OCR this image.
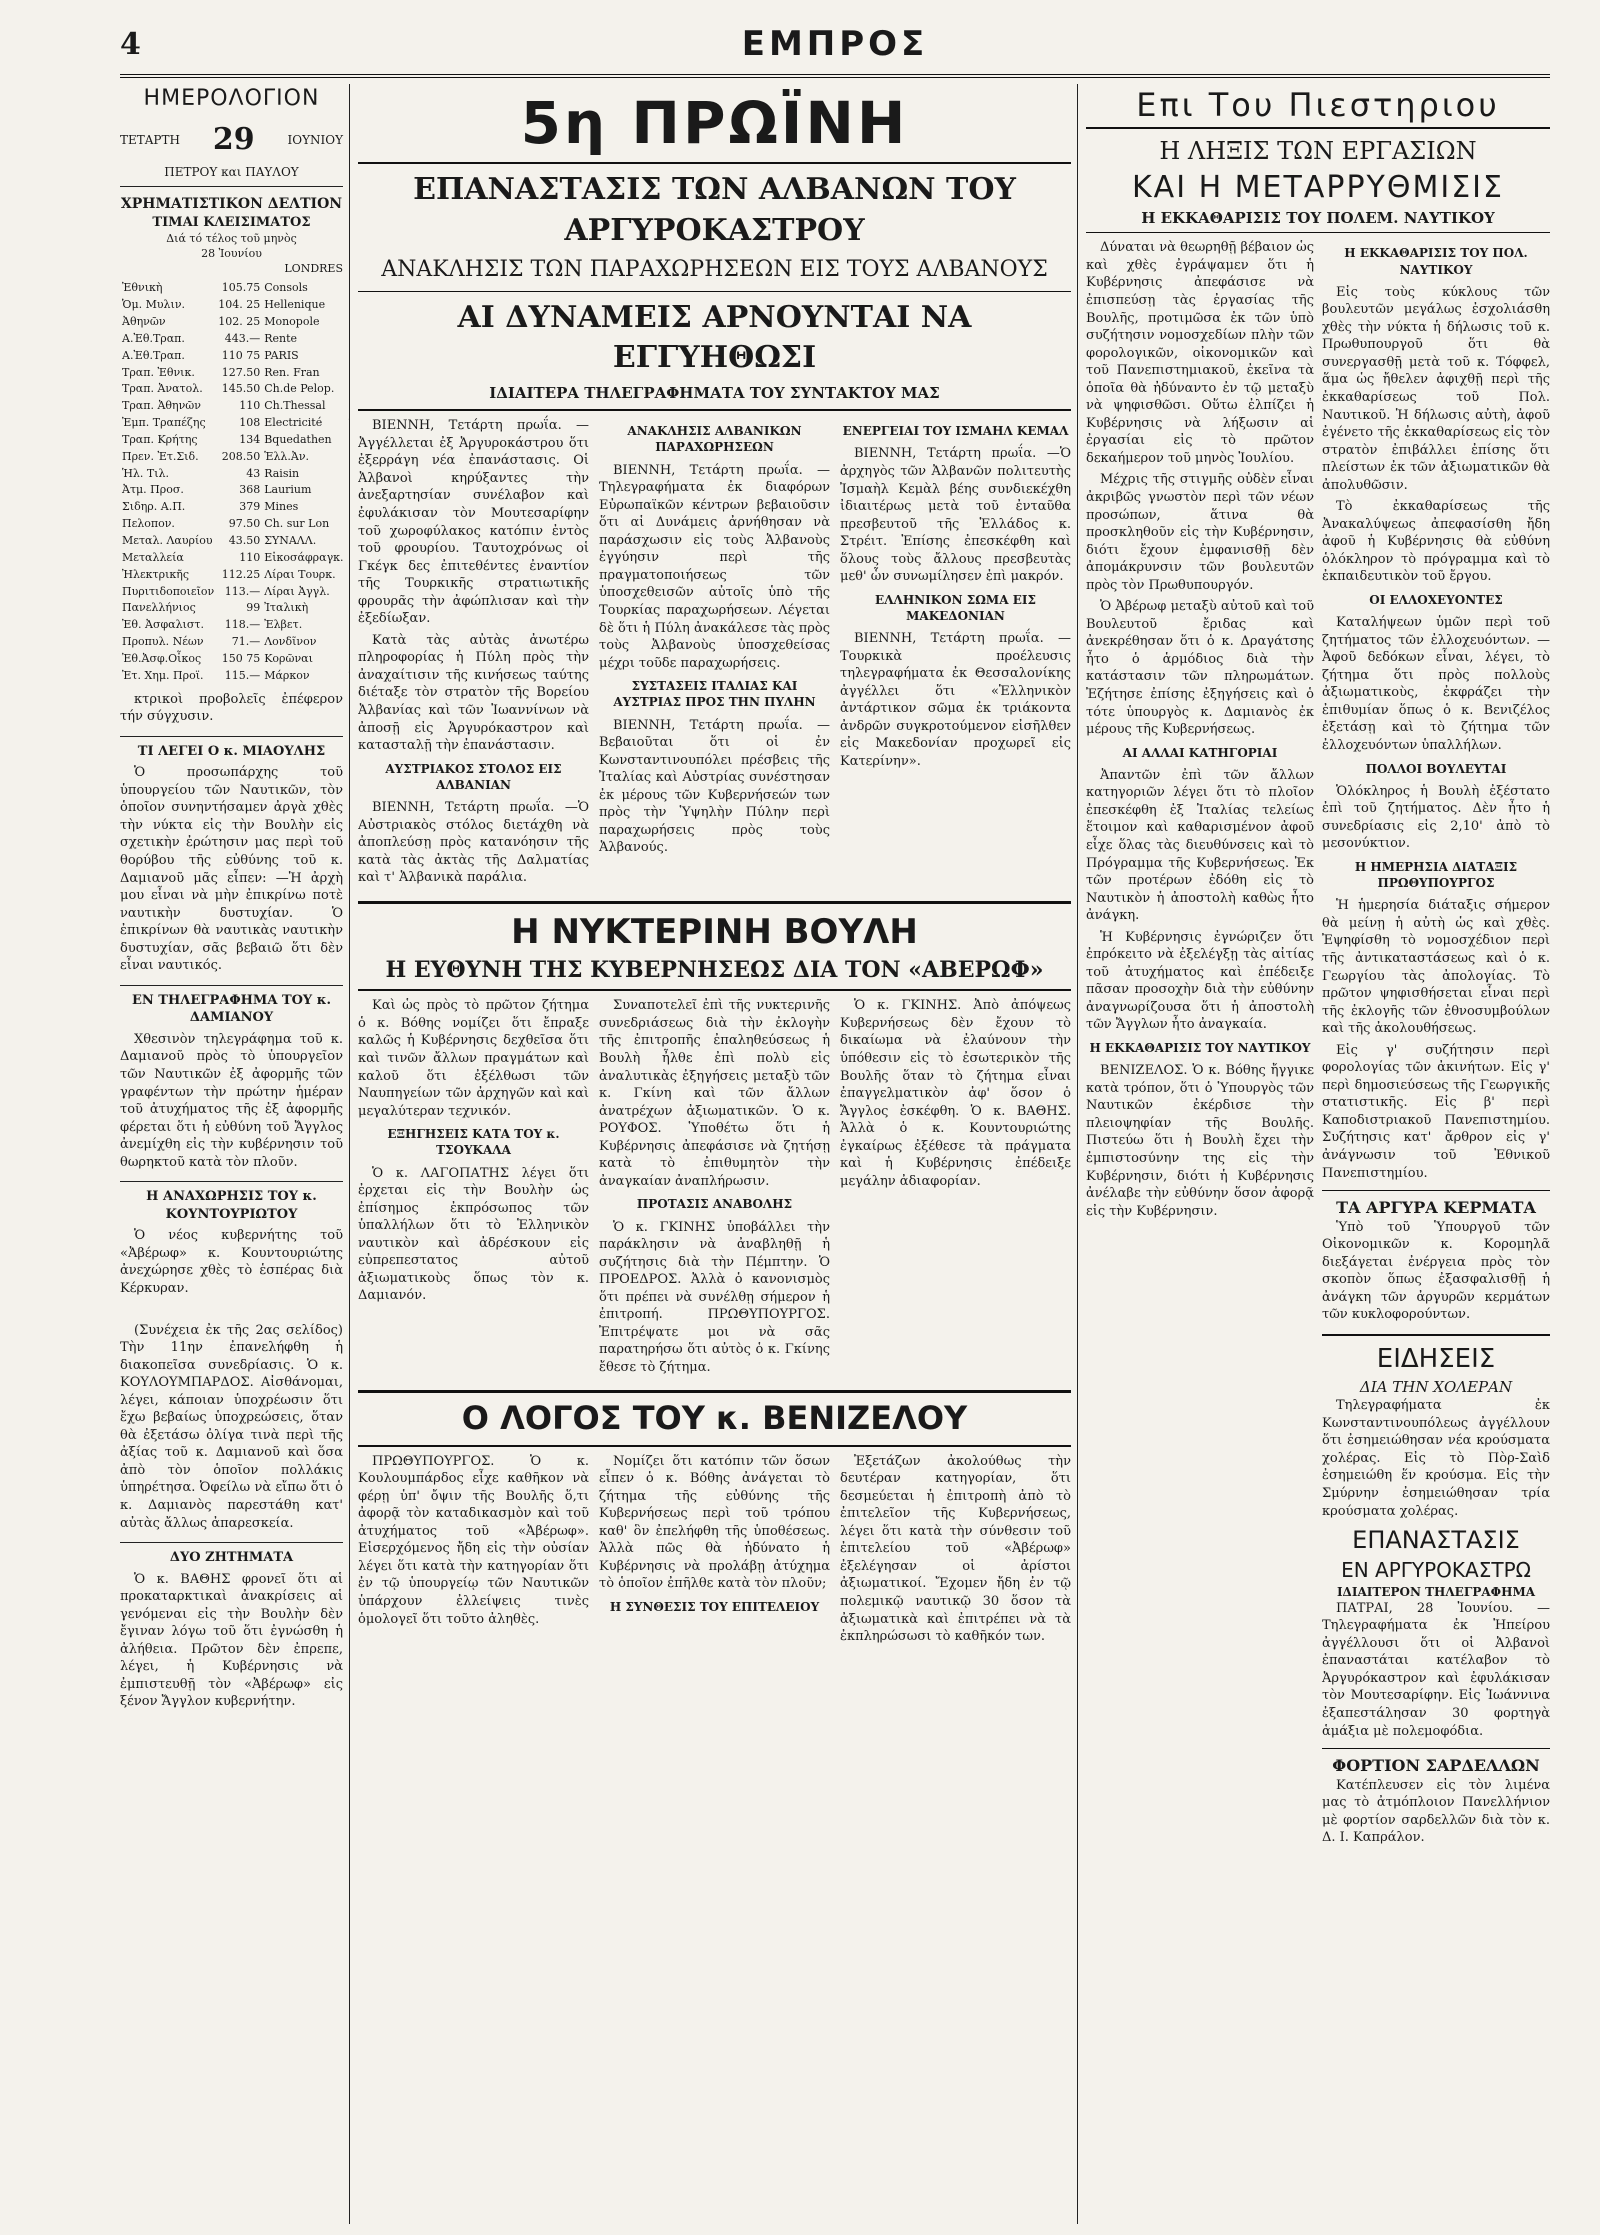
4	ΕΜΠΡΟΣ
ΗΜΕΡΟΛΟΓΙΟΝ
ΤΕΤΑΡΤΗ 29	ΙΟΥΝΙΟΥ
ΠΕΤΡΟΥ και ΠΑΥΛΟΥ
ΧΡΗΜΑΤΙΣΤΙΚΟΝ ΔΕΛΤΙΟΝ
ΤΙΜΑΙ ΚΛΕΙΣΙΜΑΤΟΣ
Διά τό τέλος τοῦ μηνὸς
28 Ἰουνίου
LONDRES
Ἐθνικὴ	105.75	Consols	
Ὁμ. Μυλιν.	104. 25	Hellenique	
Ἀθηνῶν	102. 25	Monopole	
Α.Ἐθ.Τραπ.	443.—	Rente	
Α.Ἐθ.Τραπ.	110 75	PARIS	
Τραπ. Ἐθνικ.	127.50	Ren. Fran	
Τραπ. Ἀνατολ.	145.50	Ch.de Pelop.	
Τραπ. Ἀθηνῶν	110	Ch.Thessal	
Ἐμπ. Τραπέζης	108	Electricité	
Τραπ. Κρήτης	134	Bquedathen	
Πρεν. Ἐτ.Σιδ.	208.50	Ἑλλ.Ἀν.	
Ἡλ. Τιλ.	43	Raisin	
Ἀτμ. Προσ.	368	Laurium	
Σιδηρ. Α.Π.	379	Mines	
Πελοπον.	97.50	Ch. sur Lon	
Μεταλ. Λαυρίου	43.50	ΣΥΝΑΛΛ.	
Μεταλλεία	110	Εἰκοσάφραγκ.	
Ἠλεκτρικῆς	112.25	Λίραι Τουρκ.	
Πυριτιδοποιεῖον	113.—	Λίραι Ἀγγλ.	
Πανελλήνιος	99	Ἰταλικὴ	
Ἐθ. Ἀσφαλιστ.	118.—	Ἐλβετ.	
Προπυλ. Νέων	71.—	Λονδῖνον	
Ἐθ.Ἀσφ.Οἶκος	150 75	Κορῶναι	
Ἐτ. Χημ. Προϊ.	115.—	Μάρκον	

κτρικοὶ προβολεῖς ἐπέφερον τήν σύγχυσιν.

ΤΙ ΛΕΓΕΙ Ο κ. ΜΙΑΟΥΛΗΣ

Ὁ προσωπάρχης τοῦ ὑπουργείου τῶν Ναυτικῶν, τὸν ὁποῖον συνηντήσαμεν ἀργὰ χθὲς τὴν νύκτα εἰς τὴν Βουλὴν εἰς σχετικὴν ἐρώτησιν μας περὶ τοῦ θορύβου τῆς εὐθύνης τοῦ κ. Δαμιανοῦ μᾶς εἶπεν: —Ἡ ἀρχὴ μου εἶναι νὰ μὴν ἐπικρίνω ποτὲ ναυτικὴν δυστυχίαν. Ὁ ἐπικρίνων θὰ ναυτικὰς ναυτικὴν δυστυχίαν, σᾶς βεβαιῶ ὅτι δὲν εἶναι ναυτικός.

ΕΝ ΤΗΛΕΓΡΑΦΗΜΑ ΤΟΥ κ. ΔΑΜΙΑΝΟΥ

Χθεσινὸν τηλεγράφημα τοῦ κ. Δαμιανοῦ πρὸς τὸ ὑπουργεῖον τῶν Ναυτικῶν ἐξ ἀφορμῆς τῶν γραφέντων τὴν πρώτην ἡμέραν τοῦ ἀτυχήματος τῆς ἐξ ἀφορμῆς φέρεται ὅτι ἡ εὐθύνη τοῦ Ἄγγλος ἀνεμίχθη εἰς τὴν κυβέρνησιν τοῦ θωρηκτοῦ κατὰ τὸν πλοῦν.

Η ΑΝΑΧΩΡΗΣΙΣ ΤΟΥ κ. ΚΟΥΝΤΟΥΡΙΩΤΟΥ

Ὁ νέος κυβερνήτης τοῦ «Ἀβέρωφ» κ. Κουντουριώτης ἀνεχώρησε χθὲς τὸ ἑσπέρας διὰ Κέρκυραν.

(Συνέχεια ἐκ τῆς 2ας σελίδος) Τὴν 11ην ἐπανελήφθη ἡ διακοπεῖσα συνεδρίασις. Ὁ κ. ΚΟΥΛΟΥΜΠΑΡΔΟΣ. Αἰσθάνομαι, λέγει, κάποιαν ὑποχρέωσιν ὅτι ἔχω βεβαίως ὑποχρεώσεις, ὅταν θὰ ἐξετάσω ὀλίγα τινὰ περὶ τῆς ἀξίας τοῦ κ. Δαμιανοῦ καὶ ὅσα ἀπὸ τὸν ὁποῖον πολλάκις ὑπηρέτησα. Ὀφείλω νὰ εἴπω ὅτι ὁ κ. Δαμιανὸς παρεστάθη κατ' αὐτὰς ἄλλως ἀπαρεσκεία.

ΔΥΟ ΖΗΤΗΜΑΤΑ

Ὁ κ. ΒΑΘΗΣ φρονεῖ ὅτι αἱ προκαταρκτικαὶ ἀνακρίσεις αἱ γενόμεναι εἰς τὴν Βουλὴν δὲν ἔγιναν λόγω τοῦ ὅτι ἐγνώσθη ἡ ἀλήθεια. Πρῶτον δὲν ἐπρεπε, λέγει, ἡ Κυβέρνησις νὰ ἐμπιστευθῇ τὸν «Ἀβέρωφ» εἰς ξένον Ἄγγλον κυβερνήτην.

5η ΠΡΩΪΝΗ
ΕΠΑΝΑΣΤΑΣΙΣ ΤΩΝ ΑΛΒΑΝΩΝ ΤΟΥ ΑΡΓΥΡΟΚΑΣΤΡΟΥ
ΑΝΑΚΛΗΣΙΣ ΤΩΝ ΠΑΡΑΧΩΡΗΣΕΩΝ ΕΙΣ ΤΟΥΣ ΑΛΒΑΝΟΥΣ
ΑΙ ΔΥΝΑΜΕΙΣ ΑΡΝΟΥΝΤΑΙ ΝΑ ΕΓΓΥΗΘΩΣΙ
ΙΔΙΑΙΤΕΡΑ ΤΗΛΕΓΡΑΦΗΜΑΤΑ ΤΟΥ ΣΥΝΤΑΚΤΟΥ ΜΑΣ

ΒΙΕΝΝΗ, Τετάρτη πρωΐα. —Ἀγγέλλεται ἐξ Ἀργυροκάστρου ὅτι ἐξερράγη νέα ἐπανάστασις. Οἱ Ἀλβανοὶ κηρύξαντες τὴν ἀνεξαρτησίαν συνέλαβον καὶ ἐφυλάκισαν τὸν Μουτεσαρίφην τοῦ χωροφύλακος κατόπιν ἐντὸς τοῦ φρουρίου. Ταυτοχρόνως οἱ Γκέγκ δες ἐπιτεθέντες ἐναντίον τῆς Τουρκικῆς στρατιωτικῆς φρουρᾶς τὴν ἀφώπλισαν καὶ τὴν ἐξεδίωξαν.

Κατὰ τὰς αὐτὰς ἀνωτέρω πληροφορίας ἡ Πύλη πρὸς τὴν ἀναχαίτισιν τῆς κινήσεως ταύτης διέταξε τὸν στρατὸν τῆς Βορείου Ἀλβανίας καὶ τῶν Ἰωαννίνων νὰ ἀποσῇ εἰς Ἀργυρόκαστρον καὶ κατασταλῇ τὴν ἐπανάστασιν.

ΑΥΣΤΡΙΑΚΟΣ ΣΤΟΛΟΣ ΕΙΣ ΑΛΒΑΝΙΑΝ

ΒΙΕΝΝΗ, Τετάρτη πρωΐα. —Ὁ Αὐστριακὸς στόλος διετάχθη νὰ ἀποπλεύσῃ πρὸς κατανόησιν τῆς κατὰ τὰς ἀκτὰς τῆς Δαλματίας καὶ τ' Ἀλβανικὰ παράλια.

ΑΝΑΚΛΗΣΙΣ ΑΛΒΑΝΙΚΩΝ ΠΑΡΑΧΩΡΗΣΕΩΝ

ΒΙΕΝΝΗ, Τετάρτη πρωΐα. —Τηλεγραφήματα ἐκ διαφόρων Εὐρωπαϊκῶν κέντρων βεβαιοῦσιν ὅτι αἱ Δυνάμεις ἀρνήθησαν νὰ παράσχωσιν εἰς τοὺς Ἀλβανοὺς ἐγγύησιν περὶ τῆς πραγματοποιήσεως τῶν ὑποσχεθεισῶν αὐτοῖς ὑπὸ τῆς Τουρκίας παραχωρήσεων. Λέγεται δὲ ὅτι ἡ Πύλη ἀνακάλεσε τὰς πρὸς τοὺς Ἀλβανοὺς ὑποσχεθείσας μέχρι τοῦδε παραχωρήσεις.

ΣΥΣΤΑΣΕΙΣ ΙΤΑΛΙΑΣ ΚΑΙ ΑΥΣΤΡΙΑΣ ΠΡΟΣ ΤΗΝ ΠΥΛΗΝ

ΒΙΕΝΝΗ, Τετάρτη πρωΐα. —Βεβαιοῦται ὅτι οἱ ἐν Κωνσταντινουπόλει πρέσβεις τῆς Ἰταλίας καὶ Αὐστρίας συνέστησαν ἐκ μέρους τῶν Κυβερνήσεών των πρὸς τὴν Ὑψηλὴν Πύλην περὶ παραχωρήσεις πρὸς τοὺς Ἀλβανούς.

ΕΝΕΡΓΕΙΑΙ ΤΟΥ ΙΣΜΑΗΛ ΚΕΜΑΛ

ΒΙΕΝΝΗ, Τετάρτη πρωΐα. —Ὁ ἀρχηγὸς τῶν Ἀλβανῶν πολιτευτὴς Ἰσμαὴλ Κεμὰλ βέης συνδιεκέχθη ἰδιαιτέρως μετὰ τοῦ ἐνταῦθα πρεσβευτοῦ τῆς Ἑλλάδος κ. Στρέιτ. Ἐπίσης ἐπεσκέφθη καὶ ὅλους τοὺς ἄλλους πρεσβευτὰς μεθ' ὧν συνωμίλησεν ἐπὶ μακρόν.

ΕΛΛΗΝΙΚΟΝ ΣΩΜΑ ΕΙΣ ΜΑΚΕΔΟΝΙΑΝ

ΒΙΕΝΝΗ, Τετάρτη πρωΐα. —Τουρκικὰ προέλευσις τηλεγραφήματα ἐκ Θεσσαλονίκης ἀγγέλλει ὅτι «Ἑλληνικὸν ἀντάρτικον σῶμα ἐκ τριάκοντα ἀνδρῶν συγκροτούμενον εἰσῆλθεν εἰς Μακεδονίαν προχωρεῖ εἰς Κατερίνην».

Η ΝΥΚΤΕΡΙΝΗ ΒΟΥΛΗ
Η ΕΥΘΥΝΗ ΤΗΣ ΚΥΒΕΡΝΗΣΕΩΣ ΔΙΑ ΤΟΝ «ΑΒΕΡΩΦ»

Καὶ ὡς πρὸς τὸ πρῶτον ζήτημα ὁ κ. Βόθης νομίζει ὅτι ἔπραξε καλῶς ἡ Κυβέρνησις δεχθεῖσα ὅτι καὶ τινῶν ἄλλων πραγμάτων καὶ καλοῦ ὅτι ἐξέλθωσι τῶν Ναυπηγείων τῶν ἀρχηγῶν καὶ καὶ μεγαλύτεραν τεχνικόν.

ΕΞΗΓΗΣΕΙΣ ΚΑΤΑ ΤΟΥ κ. ΤΣΟΥΚΑΛΑ

Ὁ κ. ΛΑΓΟΠΑΤΗΣ λέγει ὅτι ἐρχεται εἰς τὴν Βουλὴν ὡς ἐπίσημος ἐκπρόσωπος τῶν ὑπαλλήλων ὅτι τὸ Ἑλληνικὸν ναυτικὸν καὶ ἀδρέσκουν εἰς εὐπρεπεστατος αὐτοῦ ἀξιωματικοὺς ὅπως τὸν κ. Δαμιανόν.

Συναποτελεῖ ἐπὶ τῆς νυκτερινῆς συνεδριάσεως διὰ τὴν ἐκλογὴν τῆς ἐπιτροπῆς ἐπαληθεύσεως ἡ Βουλὴ ἦλθε ἐπὶ πολὺ εἰς ἀναλυτικὰς ἐξηγήσεις μεταξὺ τῶν κ. Γκίνη καὶ τῶν ἄλλων ἀνατρέχων ἀξιωματικῶν. Ὁ κ. ΡΟΥΦΟΣ. Ὑποθέτω ὅτι ἡ Κυβέρνησις ἀπεφάσισε νὰ ζητήσῃ κατὰ τὸ ἐπιθυμητὸν τὴν ἀναγκαίαν ἀναπλήρωσιν.

ΠΡΟΤΑΣΙΣ ΑΝΑΒΟΛΗΣ

Ὁ κ. ΓΚΙΝΗΣ ὑποβάλλει τὴν παράκλησιν νὰ ἀναβληθῇ ἡ συζήτησις διὰ τὴν Πέμπτην. Ὁ ΠΡΟΕΔΡΟΣ. Ἀλλὰ ὁ κανονισμὸς ὅτι πρέπει νὰ συνέλθῃ σήμερον ἡ ἐπιτροπή. ΠΡΩΘΥΠΟΥΡΓΟΣ. Ἐπιτρέψατε μοι νὰ σᾶς παρατηρήσω ὅτι αὐτὸς ὁ κ. Γκίνης ἔθεσε τὸ ζήτημα.

Ὁ κ. ΓΚΙΝΗΣ. Ἀπὸ ἀπόψεως Κυβερνήσεως δὲν ἔχουν τὸ δικαίωμα νὰ ἐλαύνουν τὴν ὑπόθεσιν εἰς τὸ ἐσωτερικὸν τῆς Βουλῆς ὅταν τὸ ζήτημα εἶναι ἐπαγγελματικὸν ἀφ' ὅσον ὁ Ἄγγλος ἐσκέφθη. Ὁ κ. ΒΑΘΗΣ. Ἀλλὰ ὁ κ. Κουντουριώτης ἐγκαίρως ἐξέθεσε τὰ πράγματα καὶ ἡ Κυβέρνησις ἐπέδειξε μεγάλην ἀδιαφορίαν.

Ο ΛΟΓΟΣ ΤΟΥ κ. ΒΕΝΙΖΕΛΟΥ

ΠΡΩΘΥΠΟΥΡΓΟΣ. Ὁ κ. Κουλουμπάρδος εἶχε καθῆκον νὰ φέρῃ ὑπ' ὄψιν τῆς Βουλῆς ὅ,τι ἀφορᾷ τὸν καταδικασμὸν καὶ τοῦ ἀτυχήματος τοῦ «Ἀβέρωφ». Εἰσερχόμενος ἤδη εἰς τὴν οὐσίαν λέγει ὅτι κατὰ τὴν κατηγορίαν ὅτι ἐν τῷ ὑπουργείῳ τῶν Ναυτικῶν ὑπάρχουν ἐλλείψεις τινὲς ὁμολογεῖ ὅτι τοῦτο ἀληθὲς.

Νομίζει ὅτι κατόπιν τῶν ὅσων εἶπεν ὁ κ. Βόθης ἀνάγεται τὸ ζήτημα τῆς εὐθύνης τῆς Κυβερνήσεως περὶ τοῦ τρόπου καθ' ὃν ἐπελήφθη τῆς ὑποθέσεως. Ἀλλὰ πῶς θὰ ἠδύνατο ἡ Κυβέρνησις νὰ προλάβῃ ἀτύχημα τὸ ὁποῖον ἐπῆλθε κατὰ τὸν πλοῦν;

Η ΣΥΝΘΕΣΙΣ ΤΟΥ ΕΠΙΤΕΛΕΙΟΥ

Ἐξετάζων ἀκολούθως τὴν δευτέραν κατηγορίαν, ὅτι δεσμεύεται ἡ ἐπιτροπὴ ἀπὸ τὸ ἐπιτελεῖον τῆς Κυβερνήσεως, λέγει ὅτι κατὰ τὴν σύνθεσιν τοῦ ἐπιτελείου τοῦ «Ἀβέρωφ» ἐξελέγησαν οἱ ἀρίστοι ἀξιωματικοί. Ἔχομεν ἤδη ἐν τῷ πολεμικῷ ναυτικῷ 30 ὅσον τὰ ἀξιωματικὰ καὶ ἐπιτρέπει νὰ τὰ ἐκπληρώσωσι τὸ καθῆκόν των.

Επι Του Πιεστηριου
Η ΛΗΞΙΣ ΤΩΝ ΕΡΓΑΣΙΩΝ
ΚΑΙ Η ΜΕΤΑΡΡΥΘΜΙΣΙΣ
Η ΕΚΚΑΘΑΡΙΣΙΣ ΤΟΥ ΠΟΛΕΜ. ΝΑΥΤΙΚΟΥ

Δύναται νὰ θεωρηθῇ βέβαιον ὡς καὶ χθὲς ἐγράψαμεν ὅτι ἡ Κυβέρνησις ἀπεφάσισε νὰ ἐπισπεύσῃ τὰς ἐργασίας τῆς Βουλῆς, προτιμῶσα ἐκ τῶν ὑπὸ συζήτησιν νομοσχεδίων πλὴν τῶν φορολογικῶν, οἰκονομικῶν καὶ τοῦ Πανεπιστημιακοῦ, ἐκεῖνα τὰ ὁποῖα θὰ ἠδύναντο ἐν τῷ μεταξὺ νὰ ψηφισθῶσι. Οὕτω ἐλπίζει ἡ Κυβέρνησις νὰ λήξωσιν αἱ ἐργασίαι εἰς τὸ πρῶτον δεκαήμερον τοῦ μηνὸς Ἰουλίου.

Μέχρις τῆς στιγμῆς οὐδὲν εἶναι ἀκριβῶς γνωστὸν περὶ τῶν νέων προσώπων, ἅτινα θὰ προσκληθοῦν εἰς τὴν Κυβέρνησιν, διότι ἔχουν ἐμφανισθῇ δὲν ἀπομάκρυνσιν τῶν βουλευτῶν πρὸς τὸν Πρωθυπουργόν.

Ὁ Ἀβέρωφ μεταξὺ αὐτοῦ καὶ τοῦ Βουλευτοῦ ἔριδας καὶ ἀνεκρέθησαν ὅτι ὁ κ. Δραγάτσης ἦτο ὁ ἁρμόδιος διὰ τὴν κατάστασιν τῶν πληρωμάτων. Ἐζήτησε ἐπίσης ἐξηγήσεις καὶ ὁ τότε ὑπουργὸς κ. Δαμιανὸς ἐκ μέρους τῆς Κυβερνήσεως.

ΑΙ ΑΛΛΑΙ ΚΑΤΗΓΟΡΙΑΙ

Ἀπαντῶν ἐπὶ τῶν ἄλλων κατηγοριῶν λέγει ὅτι τὸ πλοῖον ἐπεσκέφθη ἐξ Ἰταλίας τελείως ἕτοιμον καὶ καθαρισμένον ἀφοῦ εἶχε ὅλας τὰς διευθύνσεις καὶ τὸ Πρόγραμμα τῆς Κυβερνήσεως. Ἐκ τῶν προτέρων ἐδόθη εἰς τὸ Ναυτικὸν ἡ ἀποστολὴ καθὼς ἦτο ἀνάγκη.

Ἡ Κυβέρνησις ἐγνώριζεν ὅτι ἐπρόκειτο νὰ ἐξελέγξῃ τὰς αἰτίας τοῦ ἀτυχήματος καὶ ἐπέδειξε πᾶσαν προσοχὴν διὰ τὴν εὐθύνην ἀναγνωρίζουσα ὅτι ἡ ἀποστολὴ τῶν Ἄγγλων ἦτο ἀναγκαία.

Η ΕΚΚΑΘΑΡΙΣΙΣ ΤΟΥ ΝΑΥΤΙΚΟΥ

ΒΕΝΙΖΕΛΟΣ. Ὁ κ. Βόθης ἤγγικε κατὰ τρόπον, ὅτι ὁ Ὑπουργὸς τῶν Ναυτικῶν ἐκέρδισε τὴν πλειοψηφίαν τῆς Βουλῆς. Πιστεύω ὅτι ἡ Βουλὴ ἔχει τὴν ἐμπιστοσύνην της εἰς τὴν Κυβέρνησιν, διότι ἡ Κυβέρνησις ἀνέλαβε τὴν εὐθύνην ὅσον ἀφορᾷ εἰς τὴν Κυβέρνησιν.

Η ΕΚΚΑΘΑΡΙΣΙΣ ΤΟΥ ΠΟΛ. ΝΑΥΤΙΚΟΥ

Εἰς τοὺς κύκλους τῶν βουλευτῶν μεγάλως ἐσχολιάσθη χθὲς τὴν νύκτα ἡ δήλωσις τοῦ κ. Πρωθυπουργοῦ ὅτι θὰ συνεργασθῇ μετὰ τοῦ κ. Τόφφελ, ἅμα ὡς ἤθελεν ἀφιχθῇ περὶ τῆς ἐκκαθαρίσεως τοῦ Πολ. Ναυτικοῦ. Ἡ δήλωσις αὐτὴ, ἀφοῦ ἐγένετο τῆς ἐκκαθαρίσεως εἰς τὸν στρατὸν ἐπιβάλλει ἐπίσης ὅτι πλείστων ἐκ τῶν ἀξιωματικῶν θὰ ἀπολυθῶσιν.

Τὸ ἐκκαθαρίσεως τῆς Ἀνακαλύψεως ἀπεφασίσθη ἤδη ἀφοῦ ἡ Κυβέρνησις θὰ εὐθύνη ὁλόκληρον τὸ πρόγραμμα καὶ τὸ ἐκπαιδευτικὸν τοῦ ἔργου.

ΟΙ ΕΛΛΟΧΕΥΟΝΤΕΣ

Καταλήψεων ὑμῶν περὶ τοῦ ζητήματος τῶν ἐλλοχευόντων. —Ἀφοῦ δεδόκων εἶναι, λέγει, τὸ ζήτημα ὅτι πρὸς πολλοὺς ἀξιωματικοὺς, ἐκφράζει τὴν ἐπιθυμίαν ὅπως ὁ κ. Βενιζέλος ἐξετάσῃ καὶ τὸ ζήτημα τῶν ἐλλοχευόντων ὑπαλλήλων.

ΠΟΛΛΟΙ ΒΟΥΛΕΥΤΑΙ

Ὁλόκληρος ἡ Βουλὴ ἐξέστατο ἐπὶ τοῦ ζητήματος. Δὲν ἦτο ἡ συνεδρίασις εἰς 2,10' ἀπὸ τὸ μεσονύκτιον.

Η ΗΜΕΡΗΣΙΑ ΔΙΑΤΑΞΙΣ ΠΡΩΘΥΠΟΥΡΓΟΣ

Ἡ ἡμερησία διάταξις σήμερον θὰ μείνῃ ἡ αὐτὴ ὡς καὶ χθὲς. Ἐψηφίσθη τὸ νομοσχέδιον περὶ τῆς ἀντικαταστάσεως καὶ ὁ κ. Γεωργίου τὰς ἀπολογίας. Τὸ πρῶτον ψηφισθήσεται εἶναι περὶ τῆς ἐκλογῆς τῶν ἐθνοσυμβούλων καὶ τῆς ἀκολουθήσεως.

Εἰς γ' συζήτησιν περὶ φορολογίας τῶν ἀκινήτων. Εἰς γ' περὶ δημοσιεύσεως τῆς Γεωργικῆς στατιστικῆς. Εἰς β' περὶ Καποδιστριακοῦ Πανεπιστημίου. Συζήτησις κατ' ἄρθρον εἰς γ' ἀνάγνωσιν τοῦ Ἐθνικοῦ Πανεπιστημίου.

ΤΑ ΑΡΓΥΡΑ ΚΕΡΜΑΤΑ

Ὑπὸ τοῦ Ὑπουργοῦ τῶν Οἰκονομικῶν κ. Κορομηλᾶ διεξάγεται ἐνέργεια πρὸς τὸν σκοπὸν ὅπως ἐξασφαλισθῇ ἡ ἀνάγκη τῶν ἀργυρῶν κερμάτων τῶν κυκλοφορούντων.

ΕΙΔΗΣΕΙΣ
ΔΙΑ ΤΗΝ ΧΟΛΕΡΑΝ

Τηλεγραφήματα ἐκ Κωνσταντινουπόλεως ἀγγέλλουν ὅτι ἐσημειώθησαν νέα κρούσματα χολέρας. Εἰς τὸ Πὸρ-Σαὶδ ἐσημειώθη ἕν κρούσμα. Εἰς τὴν Σμύρνην ἐσημειώθησαν τρία κρούσματα χολέρας.

ΕΠΑΝΑΣΤΑΣΙΣ
ΕΝ ΑΡΓΥΡΟΚΑΣΤΡΩ
ΙΔΙΑΙΤΕΡΟΝ ΤΗΛΕΓΡΑΦΗΜΑ

ΠΑΤΡΑΙ, 28 Ἰουνίου. —Τηλεγραφήματα ἐκ Ἠπείρου ἀγγέλλουσι ὅτι οἱ Ἀλβανοὶ ἐπαναστάται κατέλαβον τὸ Ἀργυρόκαστρον καὶ ἐφυλάκισαν τὸν Μουτεσαρίφην. Εἰς Ἰωάννινα ἐξαπεστάλησαν 30 φορτηγὰ ἁμάξια μὲ πολεμοφόδια.

ΦΟΡΤΙΟΝ ΣΑΡΔΕΛΛΩΝ

Κατέπλευσεν εἰς τὸν λιμένα μας τὸ ἀτμόπλοιον Πανελλήνιον μὲ φορτίον σαρδελλῶν διὰ τὸν κ. Δ. Ι. Καπράλον.
